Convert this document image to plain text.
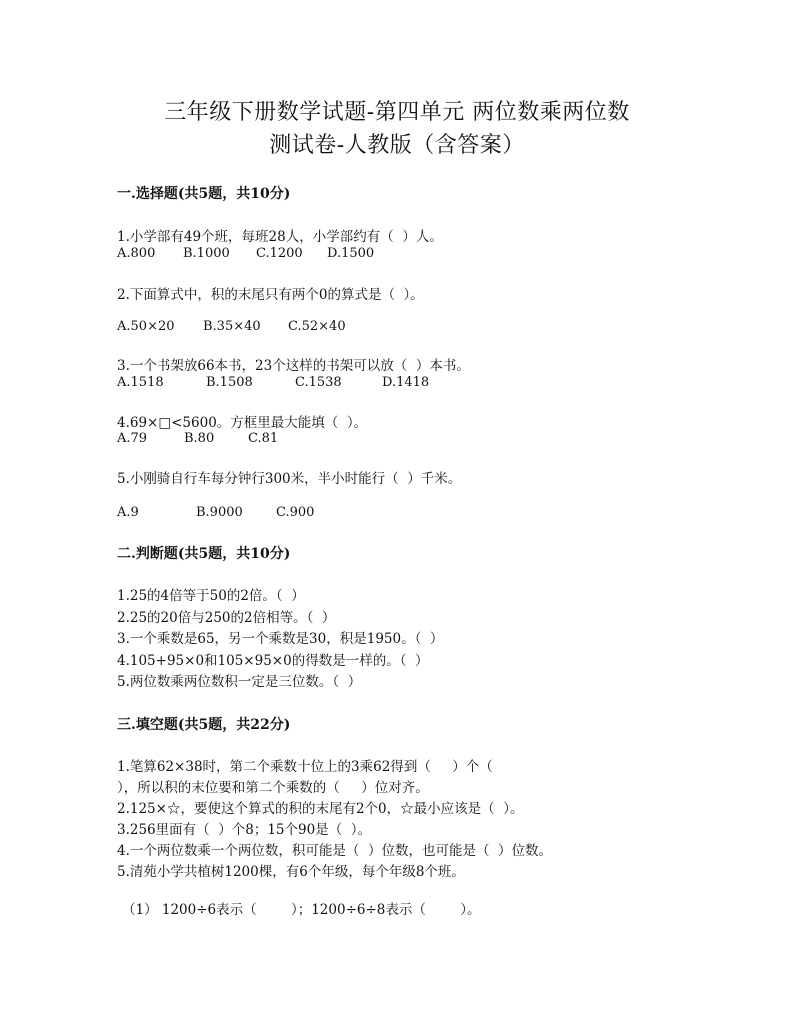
三年级下册数学试题-第四单元 两位数乘两位数
测试卷-人教版（含答案）
一.选择题(共5题，共10分)
1.小学部有49个班，每班28人，小学部约有（  ）人。
A.800 B.1000 C.1200 D.1500
2.下面算式中，积的末尾只有两个0的算式是（  ）。
A.50×20 B.35×40 C.52×40
3.一个书架放66本书，23个这样的书架可以放（  ）本书。
A.1518	B.1508	C.1538	D.1418
4.69×□<5600。方框里最大能填（  ）。
A.79	B.80	C.81
5.小刚骑自行车每分钟行300米，半小时能行（  ）千米。
A.9	B.9000	C.900
二.判断题(共5题，共10分)
1.25的4倍等于50的2倍。（  ）
2.25的20倍与250的2倍相等。（  ）
3.一个乘数是65，另一个乘数是30，积是1950。（  ）
4.105+95×0和105×95×0的得数是一样的。（  ）
5.两位数乘两位数积一定是三位数。（  ）
三.填空题(共5题，共22分)
1.笔算62×38时，第二个乘数十位上的3乘62得到（     ）个（
），所以积的末位要和第二个乘数的（     ）位对齐。
2.125×☆，要使这个算式的积的末尾有2个0，☆最小应该是（  ）。
3.256里面有（  ）个8；15个90是（  ）。
4.一个两位数乘一个两位数，积可能是（  ）位数，也可能是（  ）位数。
5.清苑小学共植树1200棵，有6个年级，每个年级8个班。
（1） 1200÷6表示（        ）；1200÷6÷8表示（        ）。
